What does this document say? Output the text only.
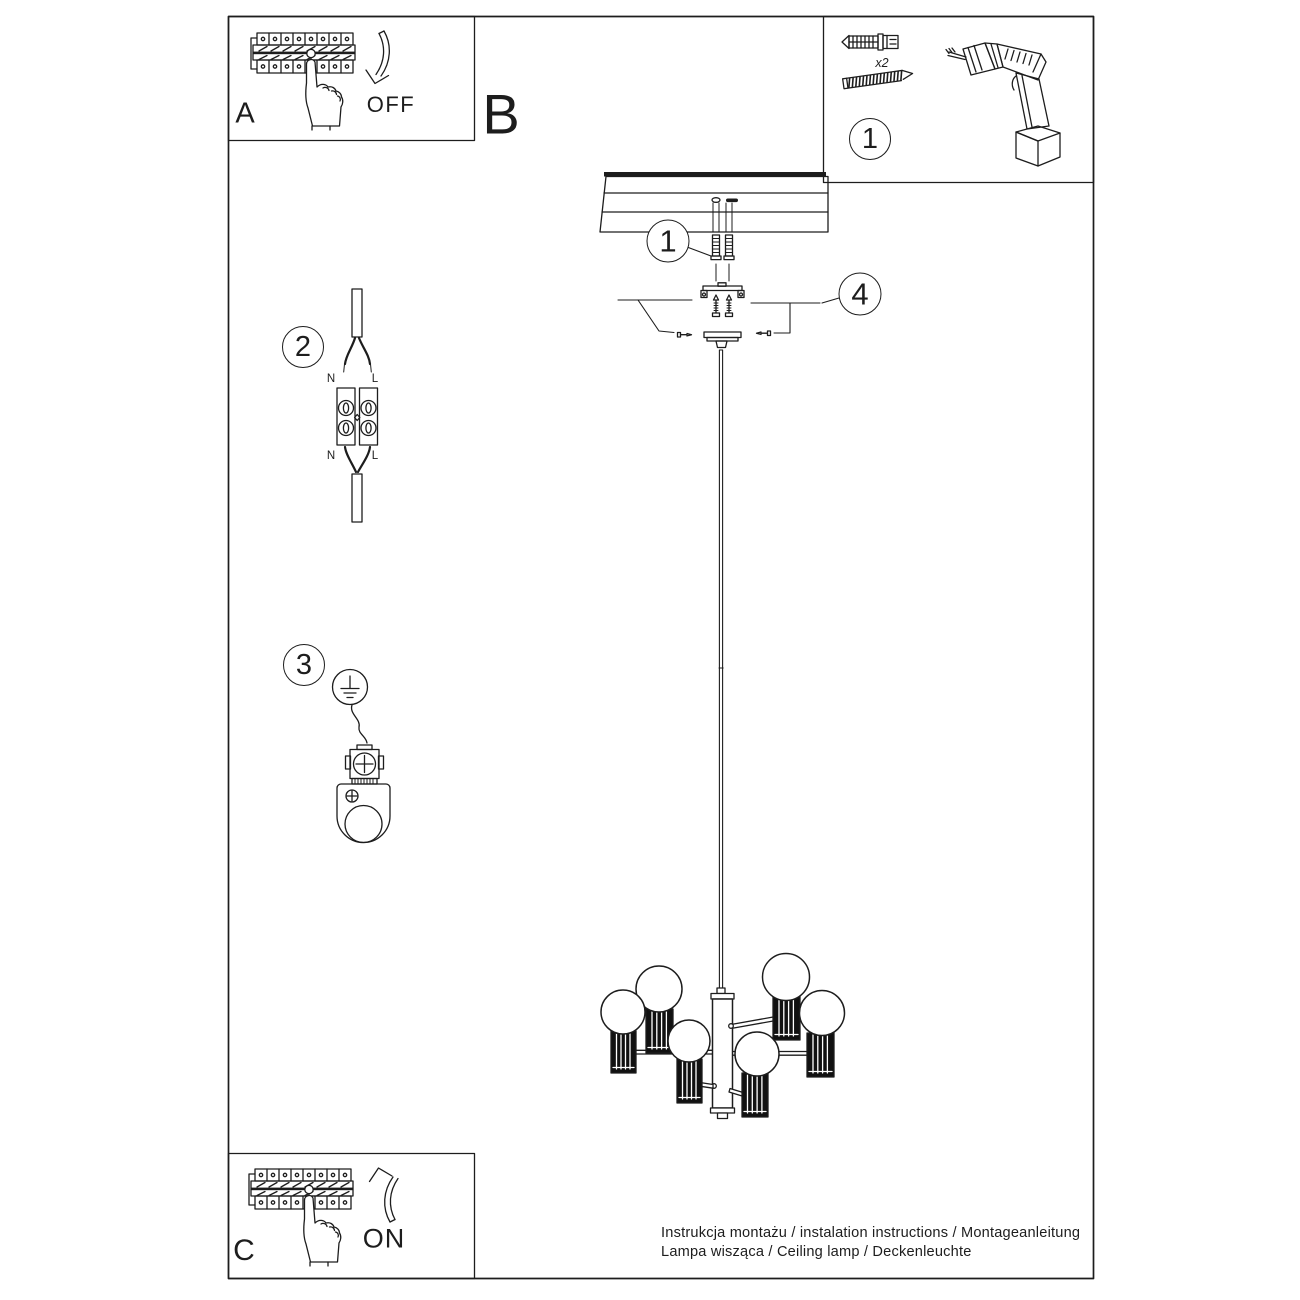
A	B
C
OFF
ON
x2
N	L
N	L
1
1
4
2
3
Instrukcja montażu / instalation instructions / Montageanleitung
Lampa wisząca / Ceiling lamp / Deckenleuchte
